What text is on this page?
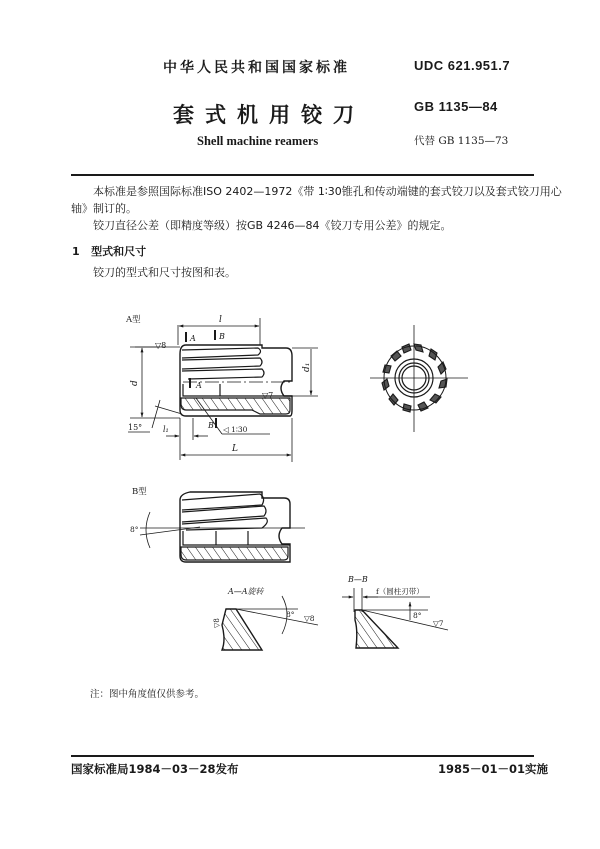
中华人民共和国国家标准	UDC 621.951.7
套式机用铰刀	GB 1135—84
Shell machine reamers	代替 GB 1135—73
本标准是参照国际标准ISO 2402—1972《带 1∶30锥孔和传动端键的套式铰刀以及套式铰刀用心
轴》制订的。
铰刀直径公差（即精度等级）按GB 4246—84《铰刀专用公差》的规定。
1 型式和尺寸
铰刀的型式和尺寸按图和表。
A型	l
A	B
▽8
A
▽7
d
d₁
15°	l₁	B ◁ 1∶30
L
B型
8°
A—A旋转
8° ▽8
▽8
B—B
f（圆柱刃带）
8°
▽7
注：图中角度值仅供参考。
国家标准局1984－03－28发布	1985－01－01实施
